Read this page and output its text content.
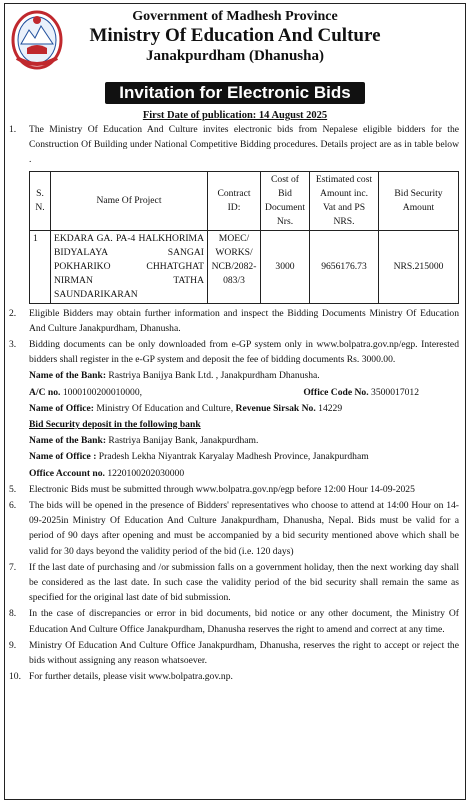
Government of Madhesh Province
Ministry Of Education And Culture
Janakpurdham (Dhanusha)
Invitation for Electronic Bids
First Date of publication: 14 August 2025
1.	The Ministry Of Education And Culture invites electronic bids from Nepalese eligible bidders for the Construction Of Building under National Competitive Bidding procedures. Details project are as in table below .
S. N.	Name Of Project	Contract ID:	Cost of Bid Document Nrs.	Estimated cost Amount inc. Vat and PS NRS.	Bid Security Amount
1	EKDARA GA. PA-4 HALKHORIMA BIDYALAYA SANGAI POKHARIKO CHHATGHAT NIRMAN TATHA SAUNDARIKARAN	MOEC/ WORKS/ NCB/2082-083/3	3000	9656176.73	NRS.215000
2.	Eligible Bidders may obtain further information and inspect the Bidding Documents Ministry Of Education And Culture Janakpurdham, Dhanusha.
3.	Bidding documents can be only downloaded from e-GP system only in www.bolpatra.gov.np/egp. Interested bidders shall register in the e-GP system and deposit the fee of bidding documents Rs. 3000.00.
Name of the Bank: Rastriya Banijya Bank Ltd. , Janakpurdham Dhanusha.
A/C no. 1000100200010000,	Office Code No. 3500017012
Name of Office: Ministry Of Education and Culture, Revenue Sirsak No. 14229
Bid Security deposit in the following bank
Name of the Bank: Rastriya Banijay Bank, Janakpurdham.
Name of Office : Pradesh Lekha Niyantrak Karyalay Madhesh Province, Janakpurdham
Office Account no. 1220100202030000
5.	Electronic Bids must be submitted through www.bolpatra.gov.np/egp before 12:00 Hour 14-09-2025
6.	The bids will be opened in the presence of Bidders' representatives who choose to attend at 14:00 Hour on 14-09-2025in Ministry Of Education And Culture Janakpurdham, Dhanusha, Nepal. Bids must be valid for a period of 90 days after opening and must be accompanied by a bid security mentioned above which shall be valid for 30 days beyond the validity period of the bid (i.e. 120 days)
7.	If the last date of purchasing and /or submission falls on a government holiday, then the next working day shall be considered as the last date. In such case the validity period of the bid security shall remain the same as specified for the original last date of bid submission.
8.	In the case of discrepancies or error in bid documents, bid notice or any other document, the Ministry Of Education And Culture Office Janakpurdham, Dhanusha reserves the right to amend and correct at any time.
9.	Ministry Of Education And Culture Office Janakpurdham, Dhanusha, reserves the right to accept or reject the bids without assigning any reason whatsoever.
10. For further details, please visit www.bolpatra.gov.np.
